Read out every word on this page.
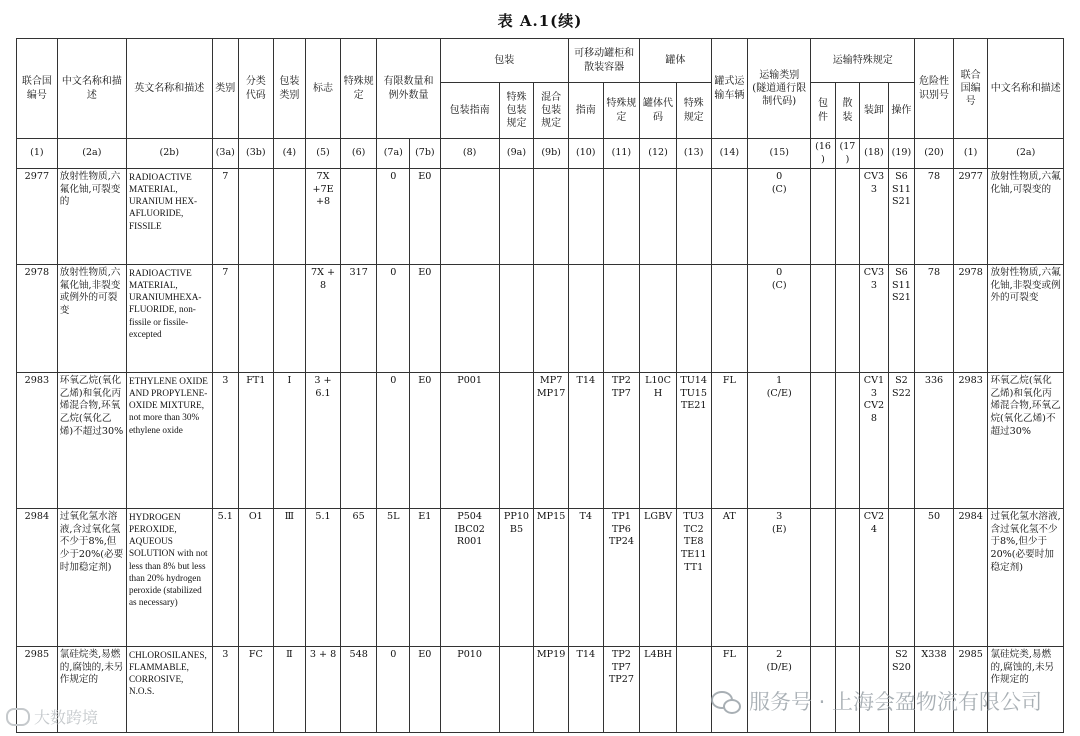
表 A.1(续)
联合国编号	中文名称和描述	英文名称和描述	类别	分类代码	包装类别	标志	特殊规定	有限数量和例外数量		包装			可移动罐柜和散装容器		罐体		罐式运输车辆	运输类别
(隧道通行限制代码)	运输特殊规定				危险性识别号	联合国编号	中文名称和描述
										包装指南	特殊包装规定	混合包装规定	指南	特殊规定	罐体代码	特殊规定			包件	散装	装卸	操作			
(1)	(2a)	(2b)	(3a)	(3b)	(4)	(5)	(6)	(7a)	(7b)	(8)	(9a)	(9b)	(10)	(11)	(12)	(13)	(14)	(15)	(16)	(17)	(18)	(19)	(20)	(1)	(2a)
2977	放射性物质,六氟化铀,可裂变的	RADIOACTIVE MATERIAL, URANIUM HEX-AFLUORIDE, FISSILE	7			7X
+7E
+8		0	E0									0
(C)			CV33	S6
S11
S21	78	2977	放射性物质,六氟化铀,可裂变的
2978	放射性物质,六氟化铀,非裂变或例外的可裂变	RADIOACTIVE MATERIAL, URANIUMHEXA-FLUORIDE, non-fissile or fissile-excepted	7			7X +
8	317	0	E0									0
(C)			CV33	S6
S11
S21	78	2978	放射性物质,六氟化铀,非裂变或例外的可裂变
2983	环氧乙烷(氧化乙烯)和氧化丙烯混合物,环氧乙烷(氧化乙烯)不超过30%	ETHYLENE OXIDE AND PROPYLENE-OXIDE MIXTURE, not more than 30% ethylene oxide	3	FT1	I	3 +
6.1		0	E0	P001		MP7
MP17	T14	TP2
TP7	L10CH	TU14
TU15
TE21	FL	1
(C/E)			CV13
CV28	S2
S22	336	2983	环氧乙烷(氧化乙烯)和氧化丙烯混合物,环氧乙烷(氧化乙烯)不超过30%
2984	过氧化氢水溶液,含过氧化氢不少于8%,但少于20%(必要时加稳定剂)	HYDROGEN PEROXIDE, AQUEOUS SOLUTION with not less than 8% but less than 20% hydrogen peroxide (stabilized as necessary)	5.1	O1	Ⅲ	5.1	65	5L	E1	P504
IBC02
R001	PP10
B5	MP15	T4	TP1
TP6
TP24	LGBV	TU3
TC2
TE8
TE11
TT1	AT	3
(E)			CV24		50	2984	过氧化氢水溶液,含过氧化氢不少于8%,但少于20%(必要时加稳定剂)
2985	氯硅烷类,易燃的,腐蚀的,未另作规定的	CHLOROSILANES, FLAMMABLE, CORROSIVE, N.O.S.	3	FC	Ⅱ	3 + 8	548	0	E0	P010		MP19	T14	TP2
TP7
TP27	L4BH		FL	2
(D/E)				S2
S20	X338	2985	氯硅烷类,易燃的,腐蚀的,未另作规定的
服务号 · 上海会盈物流有限公司
大数跨境
